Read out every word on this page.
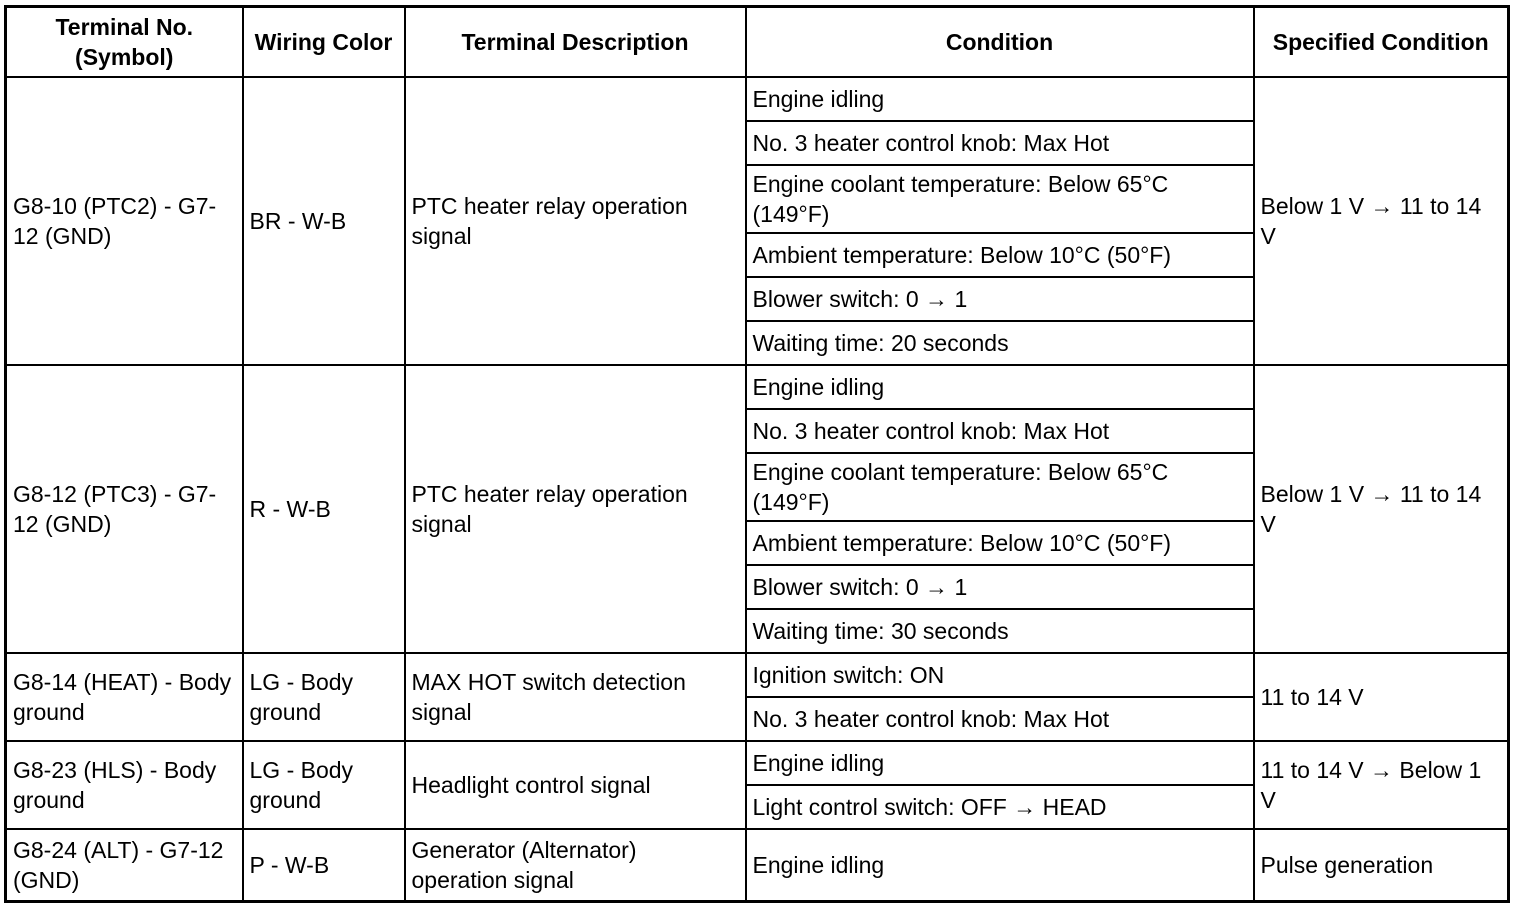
Terminal No. (Symbol)	Wiring Color	Terminal Description	Condition	Specified Condition
G8-10 (PTC2) - G7-12 (GND)	BR - W-B	PTC heater relay operation signal	Engine idling	Below 1 V → 11 to 14 V
			No. 3 heater control knob: Max Hot	
			Engine coolant temperature: Below 65°C (149°F)	
			Ambient temperature: Below 10°C (50°F)	
			Blower switch: 0 → 1	
			Waiting time: 20 seconds	
G8-12 (PTC3) - G7-12 (GND)	R - W-B	PTC heater relay operation signal	Engine idling	Below 1 V → 11 to 14 V
			No. 3 heater control knob: Max Hot	
			Engine coolant temperature: Below 65°C (149°F)	
			Ambient temperature: Below 10°C (50°F)	
			Blower switch: 0 → 1	
			Waiting time: 30 seconds	
G8-14 (HEAT) - Body ground	LG - Body ground	MAX HOT switch detection signal	Ignition switch: ON	11 to 14 V
			No. 3 heater control knob: Max Hot	
G8-23 (HLS) - Body ground	LG - Body ground	Headlight control signal	Engine idling	11 to 14 V → Below 1 V
			Light control switch: OFF → HEAD	
G8-24 (ALT) - G7-12 (GND)	P - W-B	Generator (Alternator) operation signal	Engine idling	Pulse generation
